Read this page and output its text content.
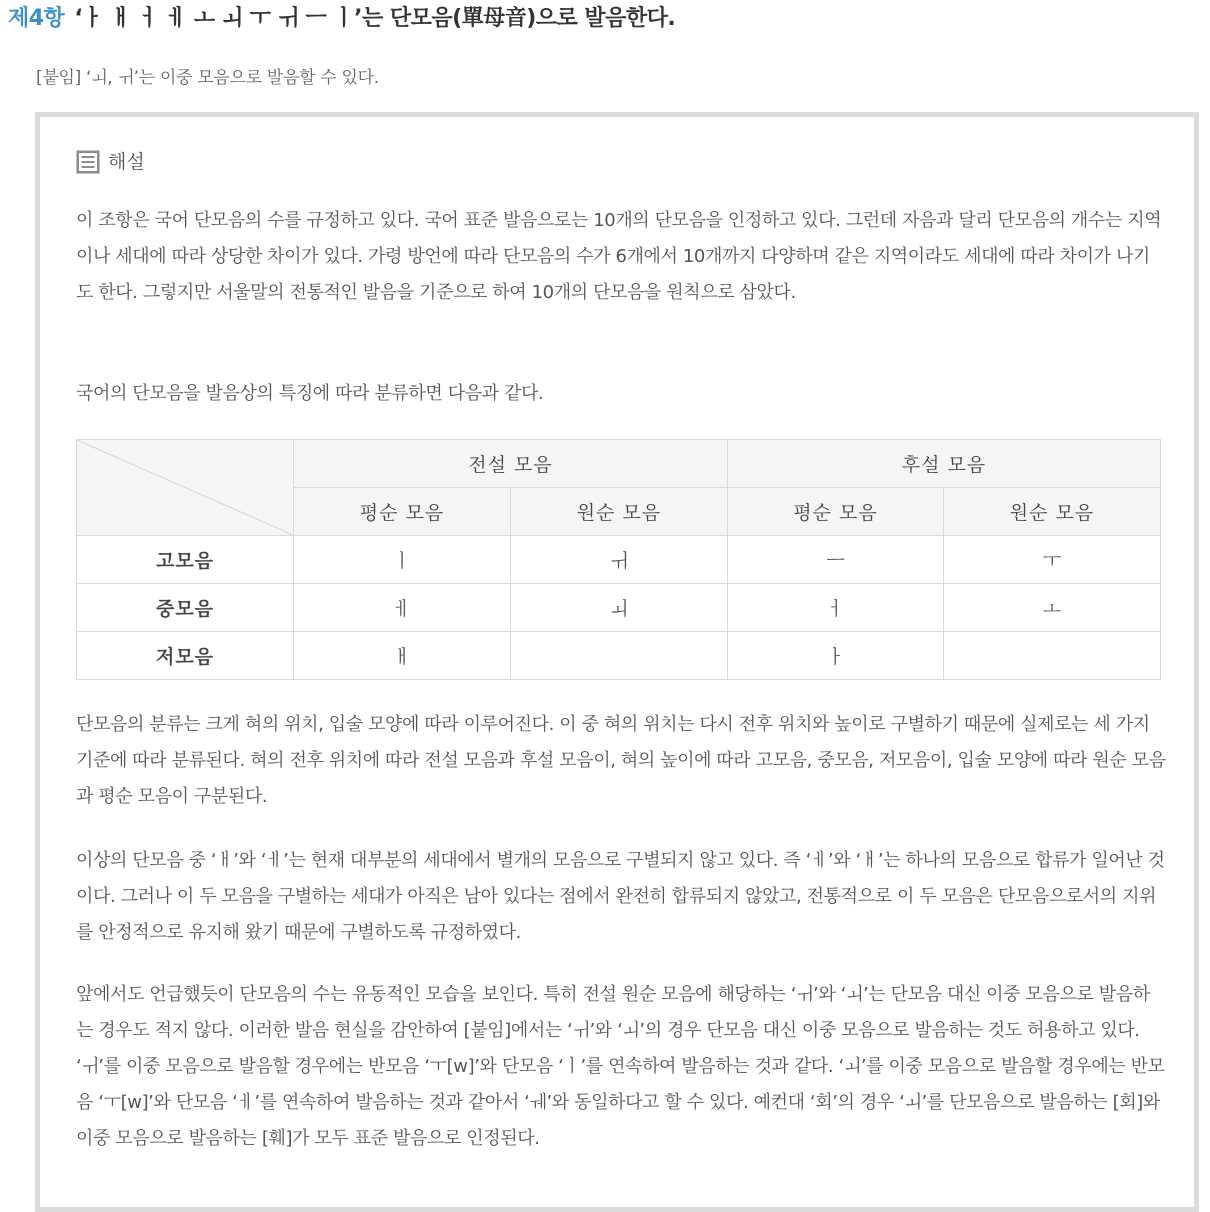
제4항 ‘ㅏ ㅐ ㅓ ㅔ ㅗ ㅚ ㅜ ㅟ ㅡ ㅣ’는 단모음(單母音)으로 발음한다.
[붙임] ‘ㅚ, ㅟ’는 이중 모음으로 발음할 수 있다.
해설

이 조항은 국어 단모음의 수를 규정하고 있다. 국어 표준 발음으로는 10개의 단모음을 인정하고 있다. 그런데 자음과 달리 단모음의 개수는 지역이나 세대에 따라 상당한 차이가 있다. 가령 방언에 따라 단모음의 수가 6개에서 10개까지 다양하며 같은 지역이라도 세대에 따라 차이가 나기도 한다. 그렇지만 서울말의 전통적인 발음을 기준으로 하여 10개의 단모음을 원칙으로 삼았다.

국어의 단모음을 발음상의 특징에 따라 분류하면 다음과 같다.

	전설 모음		후설 모음	
	평순 모음	원순 모음	평순 모음	원순 모음
고모음	ㅣ	ㅟ	ㅡ	ㅜ
중모음	ㅔ	ㅚ	ㅓ	ㅗ
저모음	ㅐ		ㅏ	

단모음의 분류는 크게 혀의 위치, 입술 모양에 따라 이루어진다. 이 중 혀의 위치는 다시 전후 위치와 높이로 구별하기 때문에 실제로는 세 가지 기준에 따라 분류된다. 혀의 전후 위치에 따라 전설 모음과 후설 모음이, 혀의 높이에 따라 고모음, 중모음, 저모음이, 입술 모양에 따라 원순 모음과 평순 모음이 구분된다.

이상의 단모음 중 ‘ㅐ’와 ‘ㅔ’는 현재 대부분의 세대에서 별개의 모음으로 구별되지 않고 있다. 즉 ‘ㅔ’와 ‘ㅐ’는 하나의 모음으로 합류가 일어난 것이다. 그러나 이 두 모음을 구별하는 세대가 아직은 남아 있다는 점에서 완전히 합류되지 않았고, 전통적으로 이 두 모음은 단모음으로서의 지위를 안정적으로 유지해 왔기 때문에 구별하도록 규정하였다.

앞에서도 언급했듯이 단모음의 수는 유동적인 모습을 보인다. 특히 전설 원순 모음에 해당하는 ‘ㅟ’와 ‘ㅚ’는 단모음 대신 이중 모음으로 발음하는 경우도 적지 않다. 이러한 발음 현실을 감안하여 [붙임]에서는 ‘ㅟ’와 ‘ㅚ’의 경우 단모음 대신 이중 모음으로 발음하는 것도 허용하고 있다. ‘ㅟ’를 이중 모음으로 발음할 경우에는 반모음 ‘ㅜ[w]’와 단모음 ‘ㅣ’를 연속하여 발음하는 것과 같다. ‘ㅚ’를 이중 모음으로 발음할 경우에는 반모음 ‘ㅜ[w]’와 단모음 ‘ㅔ’를 연속하여 발음하는 것과 같아서 ‘ㅞ’와 동일하다고 할 수 있다. 예컨대 ‘회’의 경우 ‘ㅚ’를 단모음으로 발음하는 [회]와 이중 모음으로 발음하는 [훼]가 모두 표준 발음으로 인정된다.
